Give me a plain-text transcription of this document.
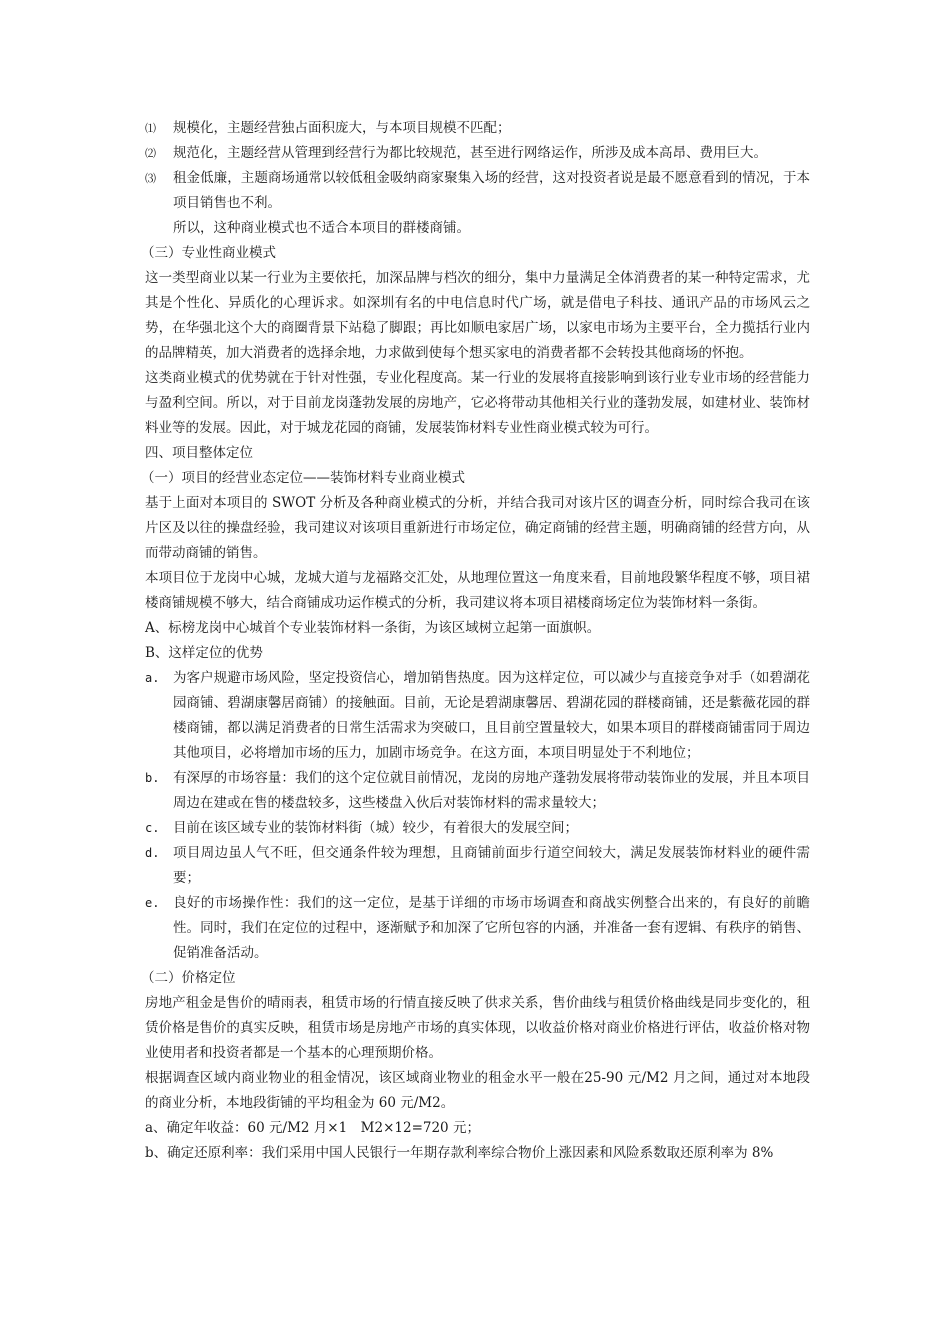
⑴	规模化，主题经营独占面积庞大，与本项目规模不匹配；
⑵	规范化，主题经营从管理到经营行为都比较规范，甚至进行网络运作，所涉及成本高昂、费用巨大。
⑶	租金低廉，主题商场通常以较低租金吸纳商家聚集入场的经营，这对投资者说是最不愿意看到的情况，于本项目销售也不利。

所以，这种商业模式也不适合本项目的群楼商铺。

（三）专业性商业模式

这一类型商业以某一行业为主要依托，加深品牌与档次的细分，集中力量满足全体消费者的某一种特定需求，尤其是个性化、异质化的心理诉求。如深圳有名的中电信息时代广场，就是借电子科技、通讯产品的市场风云之势，在华强北这个大的商圈背景下站稳了脚跟；再比如顺电家居广场，以家电市场为主要平台，全力揽括行业内的品牌精英，加大消费者的选择余地，力求做到使每个想买家电的消费者都不会转投其他商场的怀抱。

这类商业模式的优势就在于针对性强，专业化程度高。某一行业的发展将直接影响到该行业专业市场的经营能力与盈利空间。所以，对于目前龙岗蓬勃发展的房地产，它必将带动其他相关行业的蓬勃发展，如建材业、装饰材料业等的发展。因此，对于城龙花园的商铺，发展装饰材料专业性商业模式较为可行。

四、项目整体定位

（一）项目的经营业态定位——装饰材料专业商业模式

基于上面对本项目的 SWOT 分析及各种商业模式的分析，并结合我司对该片区的调查分析，同时综合我司在该片区及以往的操盘经验，我司建议对该项目重新进行市场定位，确定商铺的经营主题，明确商铺的经营方向，从而带动商铺的销售。

本项目位于龙岗中心城，龙城大道与龙福路交汇处，从地理位置这一角度来看，目前地段繁华程度不够，项目裙楼商铺规模不够大，结合商铺成功运作模式的分析，我司建议将本项目裙楼商场定位为装饰材料一条街。

A、标榜龙岗中心城首个专业装饰材料一条街，为该区域树立起第一面旗帜。

B、这样定位的优势

a.	为客户规避市场风险，坚定投资信心，增加销售热度。因为这样定位，可以减少与直接竞争对手（如碧湖花园商铺、碧湖康馨居商铺）的接触面。目前，无论是碧湖康馨居、碧湖花园的群楼商铺，还是紫薇花园的群楼商铺，都以满足消费者的日常生活需求为突破口，且目前空置量较大，如果本项目的群楼商铺雷同于周边其他项目，必将增加市场的压力，加剧市场竞争。在这方面，本项目明显处于不利地位；
b.	有深厚的市场容量：我们的这个定位就目前情况，龙岗的房地产蓬勃发展将带动装饰业的发展，并且本项目周边在建或在售的楼盘较多，这些楼盘入伙后对装饰材料的需求量较大；
c.	目前在该区域专业的装饰材料街（城）较少，有着很大的发展空间；
d.	项目周边虽人气不旺，但交通条件较为理想，且商铺前面步行道空间较大，满足发展装饰材料业的硬件需要；
e.	良好的市场操作性：我们的这一定位，是基于详细的市场市场调查和商战实例整合出来的，有良好的前瞻性。同时，我们在定位的过程中，逐渐赋予和加深了它所包容的内涵，并准备一套有逻辑、有秩序的销售、促销准备活动。

（二）价格定位

房地产租金是售价的晴雨表，租赁市场的行情直接反映了供求关系，售价曲线与租赁价格曲线是同步变化的，租赁价格是售价的真实反映，租赁市场是房地产市场的真实体现，以收益价格对商业价格进行评估，收益价格对物业使用者和投资者都是一个基本的心理预期价格。

根据调查区域内商业物业的租金情况，该区域商业物业的租金水平一般在25-90 元/M2 月之间，通过对本地段的商业分析，本地段街铺的平均租金为 60 元/M2。

a、确定年收益：60 元/M2 月×1　M2×12=720 元；

b、确定还原利率：我们采用中国人民银行一年期存款利率综合物价上涨因素和风险系数取还原利率为 8%
